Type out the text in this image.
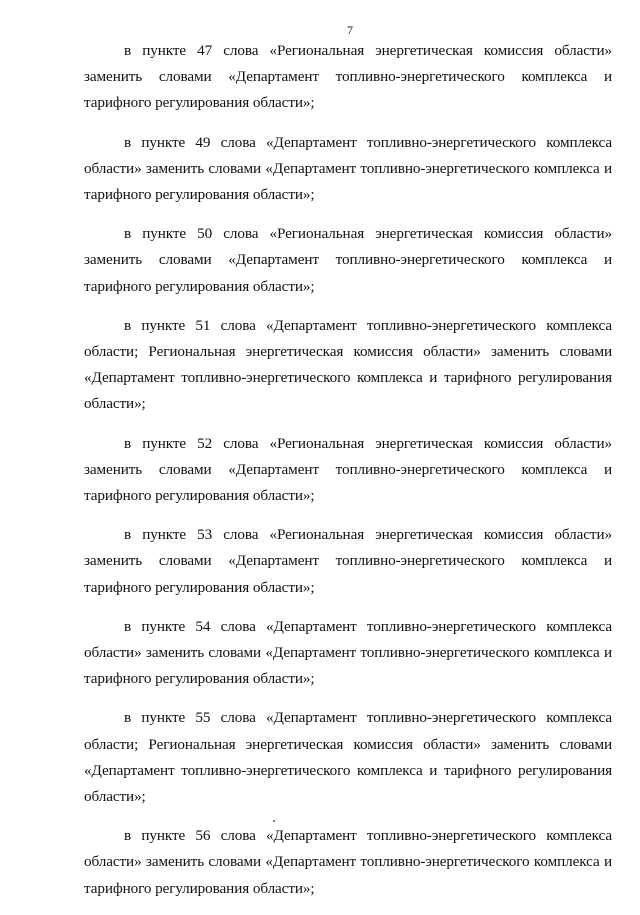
7

в пункте 47 слова «Региональная энергетическая комиссия области» заменить словами «Департамент топливно-энергетического комплекса и тарифного регулирования области»;

в пункте 49 слова «Департамент топливно-энергетического комплекса области» заменить словами «Департамент топливно-энергетического комплекса и тарифного регулирования области»;

в пункте 50 слова «Региональная энергетическая комиссия области» заменить словами «Департамент топливно-энергетического комплекса и тарифного регулирования области»;

в пункте 51 слова «Департамент топливно-энергетического комплекса области; Региональная энергетическая комиссия области» заменить словами «Департамент топливно-энергетического комплекса и тарифного регулирования области»;

в пункте 52 слова «Региональная энергетическая комиссия области» заменить словами «Департамент топливно-энергетического комплекса и тарифного регулирования области»;

в пункте 53 слова «Региональная энергетическая комиссия области» заменить словами «Департамент топливно-энергетического комплекса и тарифного регулирования области»;

в пункте 54 слова «Департамент топливно-энергетического комплекса области» заменить словами «Департамент топливно-энергетического комплекса и тарифного регулирования области»;

в пункте 55 слова «Департамент топливно-энергетического комплекса области; Региональная энергетическая комиссия области» заменить словами «Департамент топливно-энергетического комплекса и тарифного регулирования области»;

в пункте 56 слова «Департамент топливно-энергетического комплекса области» заменить словами «Департамент топливно-энергетического комплекса и тарифного регулирования области»;
